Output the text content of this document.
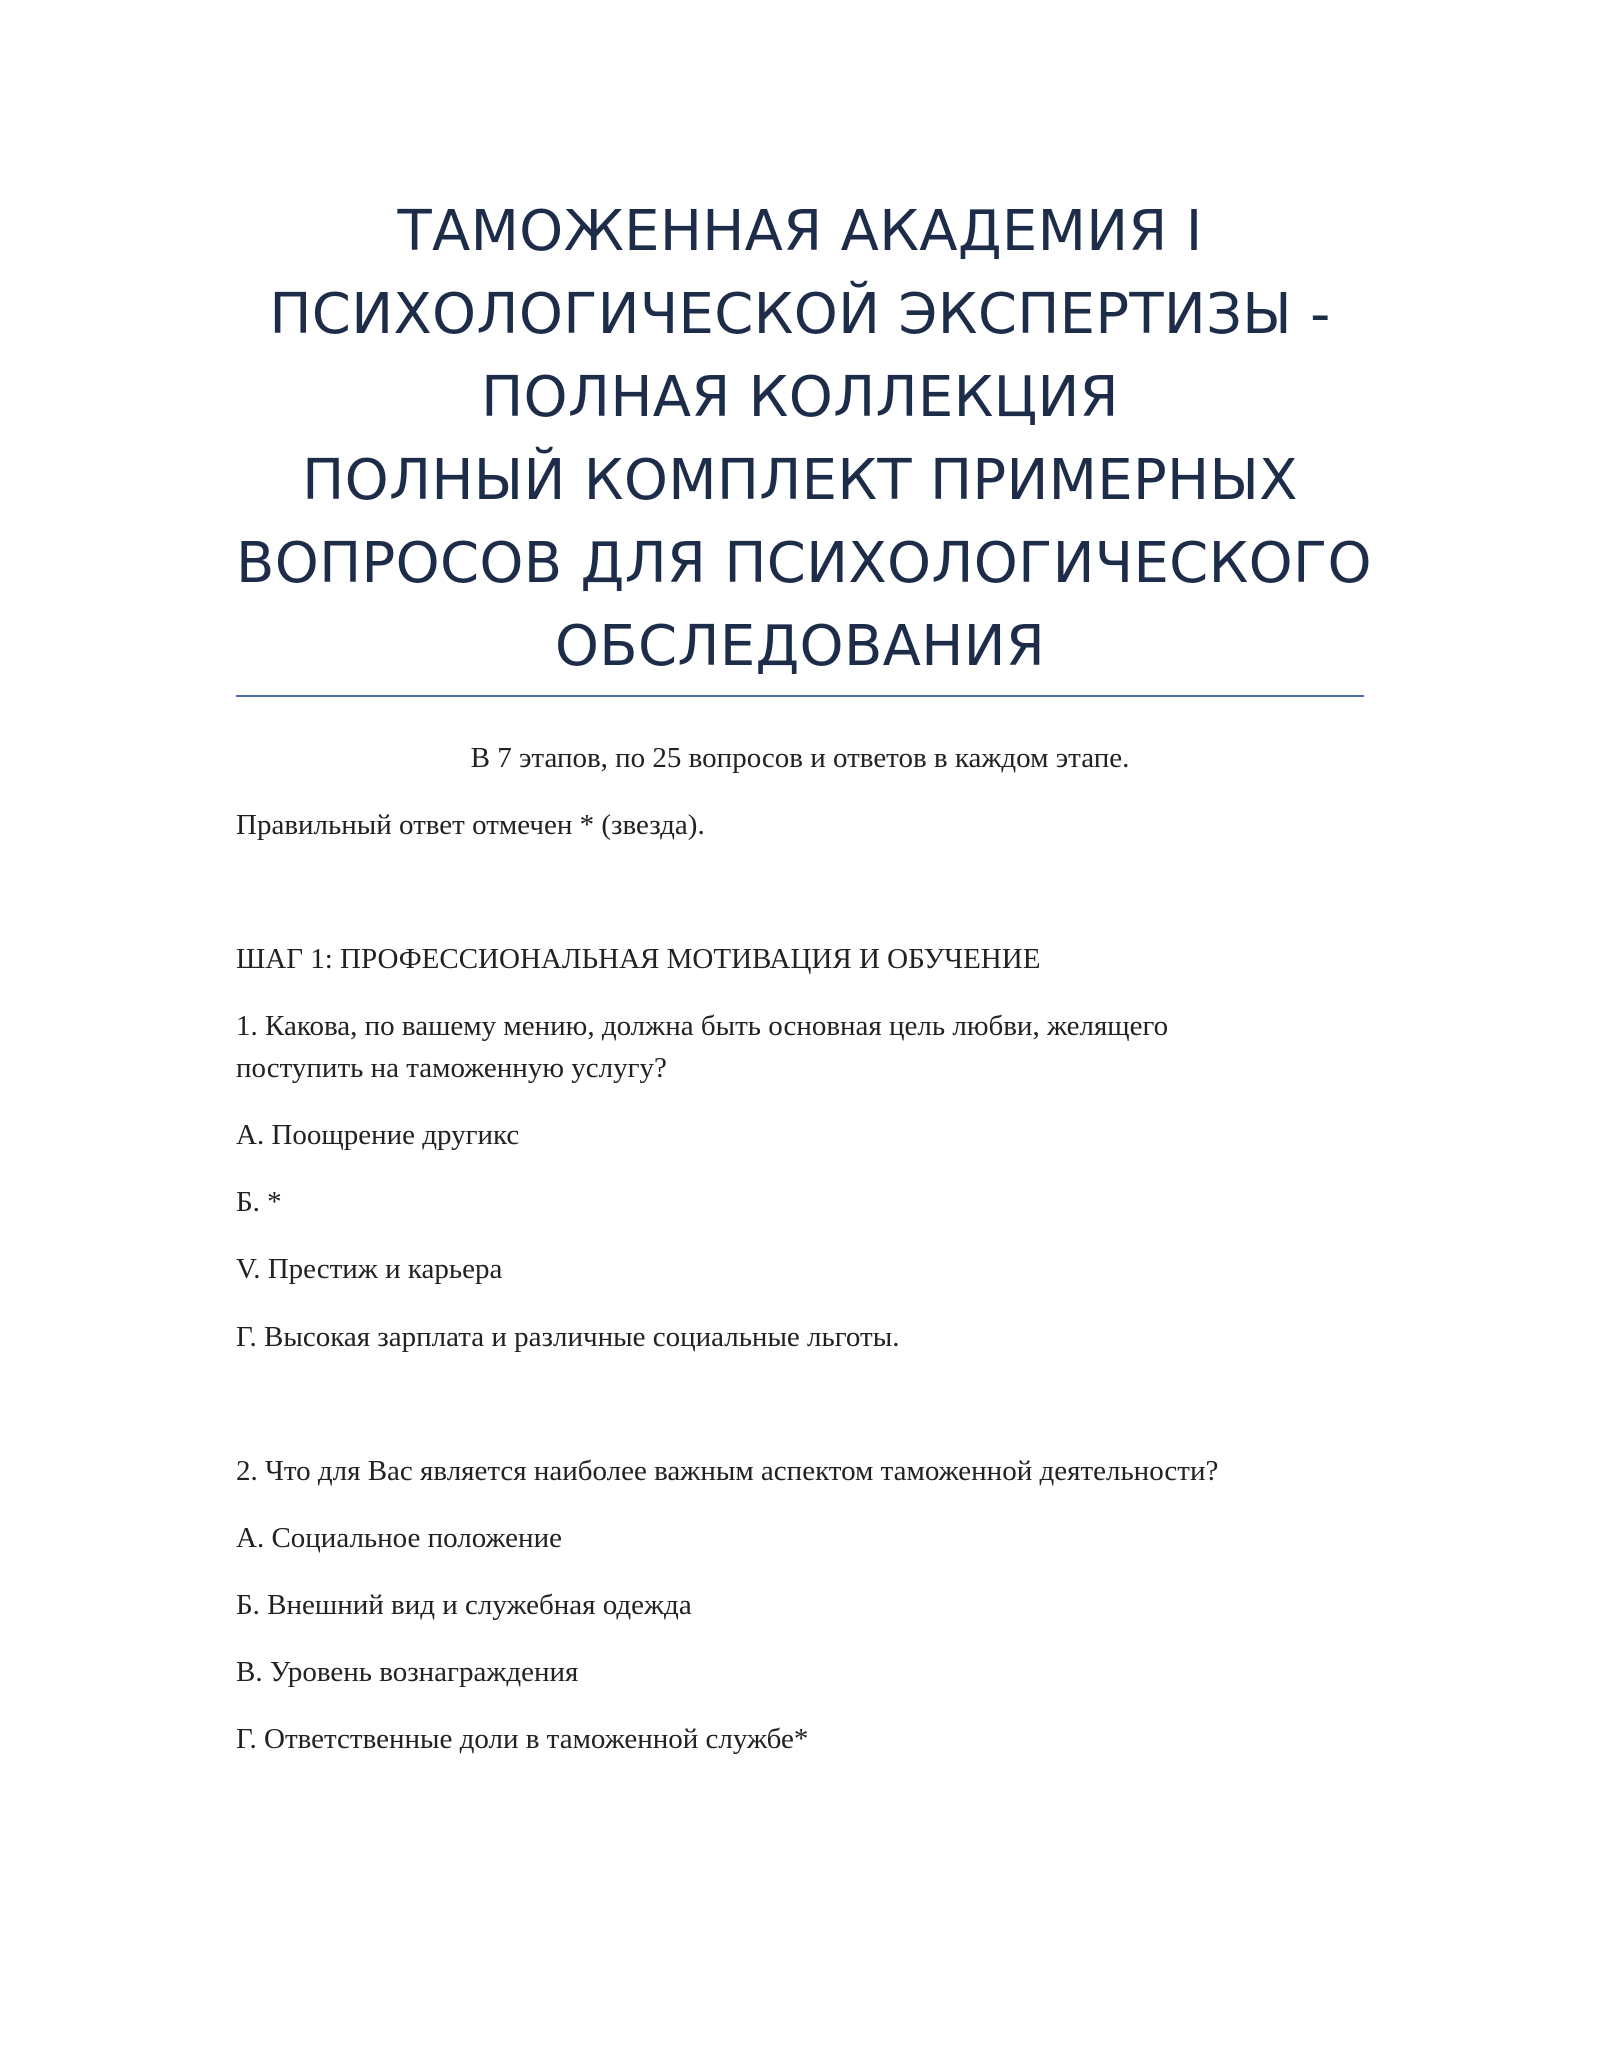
ТАМОЖЕННАЯ АКАДЕМИЯ I
ПСИХОЛОГИЧЕСКОЙ ЭКСПЕРТИЗЫ -
ПОЛНАЯ КОЛЛЕКЦИЯ
ПОЛНЫЙ КОМПЛЕКТ ПРИМЕРНЫХ
ВОПРОСОВ ДЛЯ ПСИХОЛОГИЧЕСКОГО
ОБСЛЕДОВАНИЯ
В 7 этапов, по 25 вопросов и ответов в каждом этапе.
Правильный ответ отмечен * (звезда).
ШАГ 1: ПРОФЕССИОНАЛЬНАЯ МОТИВАЦИЯ И ОБУЧЕНИЕ
1. Какова, по вашему мению, должна быть основная цель любви, желящего
поступить на таможенную услугу?
А. Поощрение другикс
Б. *
V. Престиж и карьера
Г. Высокая зарплата и различные социальные льготы.
2. Что для Вас является наиболее важным аспектом таможенной деятельности?
А. Социальное положение
Б. Внешний вид и служебная одежда
В. Уровень вознаграждения
Г. Ответственные доли в таможенной службе*
